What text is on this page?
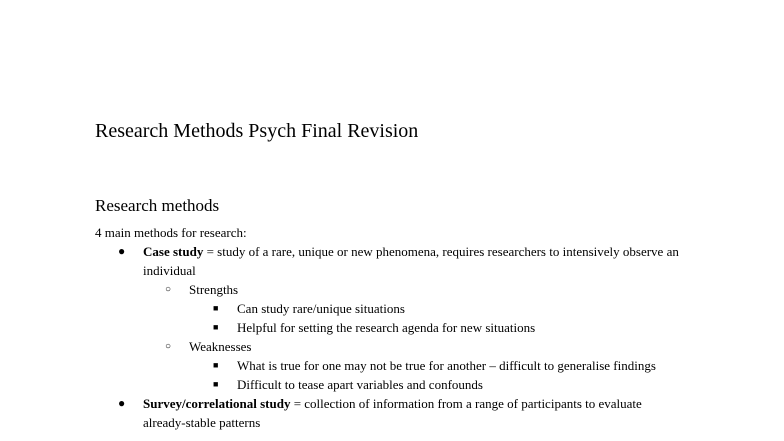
Research Methods Psych Final Revision
Research methods
4 main methods for research:
● Case study = study of a rare, unique or new phenomena, requires researchers to intensively observe an individual
○ Strengths
■ Can study rare/unique situations
■ Helpful for setting the research agenda for new situations
○ Weaknesses
■ What is true for one may not be true for another – difficult to generalise findings
■ Difficult to tease apart variables and confounds
● Survey/correlational study = collection of information from a range of participants to evaluate already-stable patterns
